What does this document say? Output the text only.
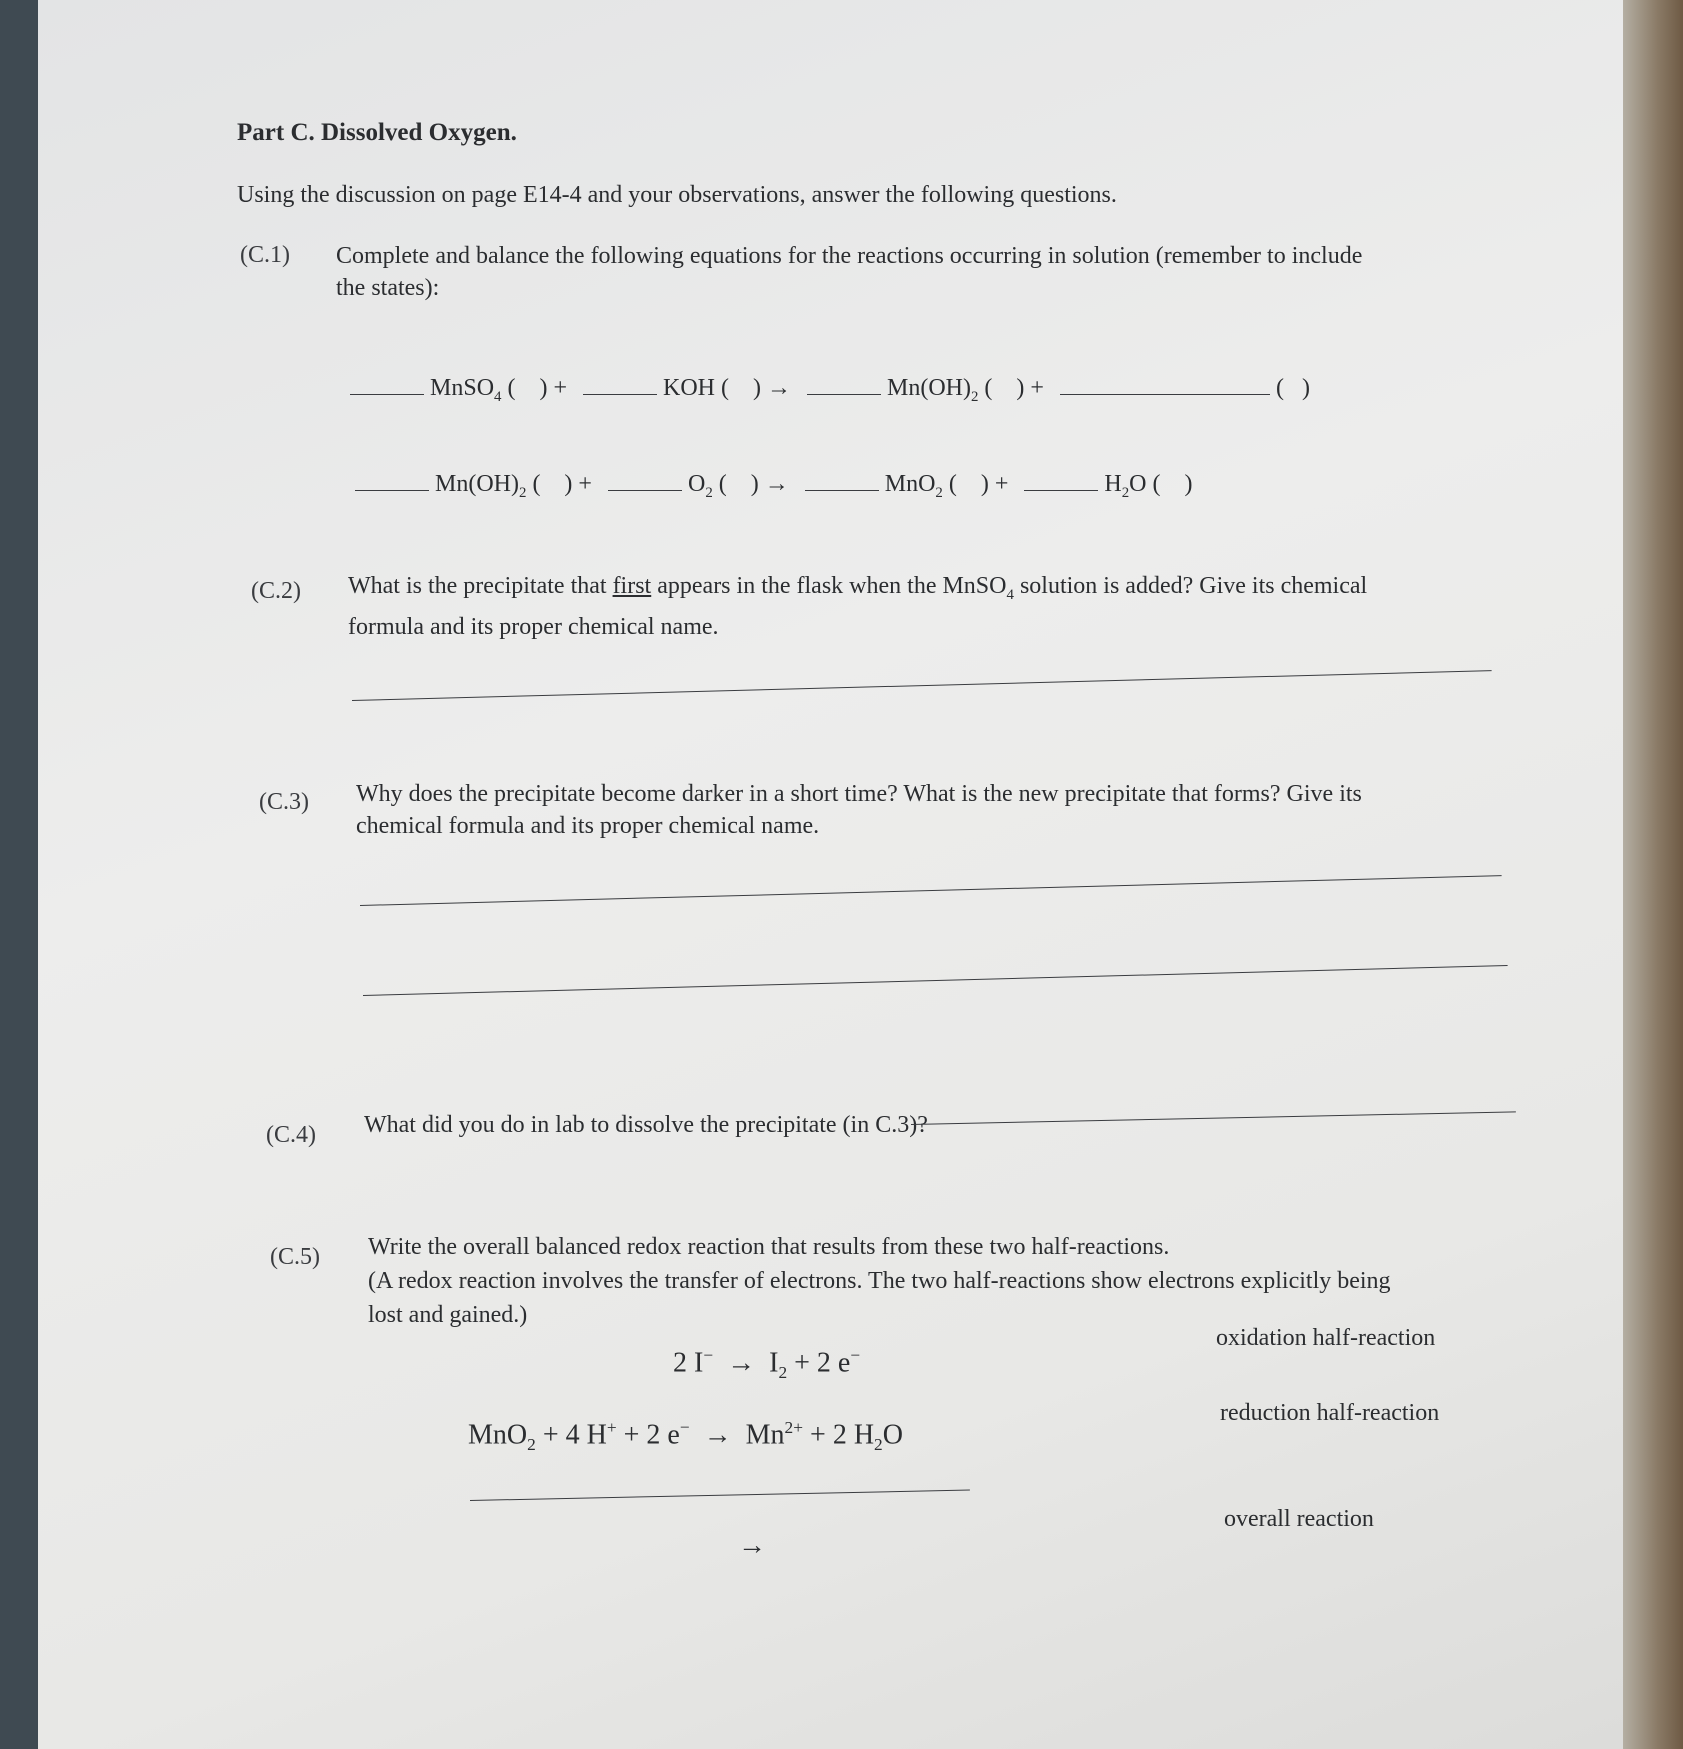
Part C. Dissolved Oxygen.
Using the discussion on page E14-4 and your observations, answer the following questions.
(C.1) Complete and balance the following equations for the reactions occurring in solution (remember to include
the states):
MnSO$_4$ (    ) +	KOH (    ) →	$Mn(OH)_2$ (    ) +	(   )
$Mn(OH)_2$ (    ) +	$O_2$ (    ) →	MnO$_2$ (    ) +	$H_2O$ (    )
(C.2) What is the precipitate that first appears in the flask when the MnSO$_4$ solution is added? Give its chemical
formula and its proper chemical name.
(C.3) Why does the precipitate become darker in a short time? What is the new precipitate that forms? Give its
chemical formula and its proper chemical name.
(C.4) What did you do in lab to dissolve the precipitate (in C.3)?
(C.5) Write the overall balanced redox reaction that results from these two half-reactions.
(A redox reaction involves the transfer of electrons. The two half-reactions show electrons explicitly being
lost and gained.)
2 $I^- \to I_2 + 2$ e−
oxidation half-reaction
MnO$_2$ + 4 H+ + 2 $e^- \to Mn^{2+} + 2$ $H_2O$
reduction half-reaction
→
overall reaction
